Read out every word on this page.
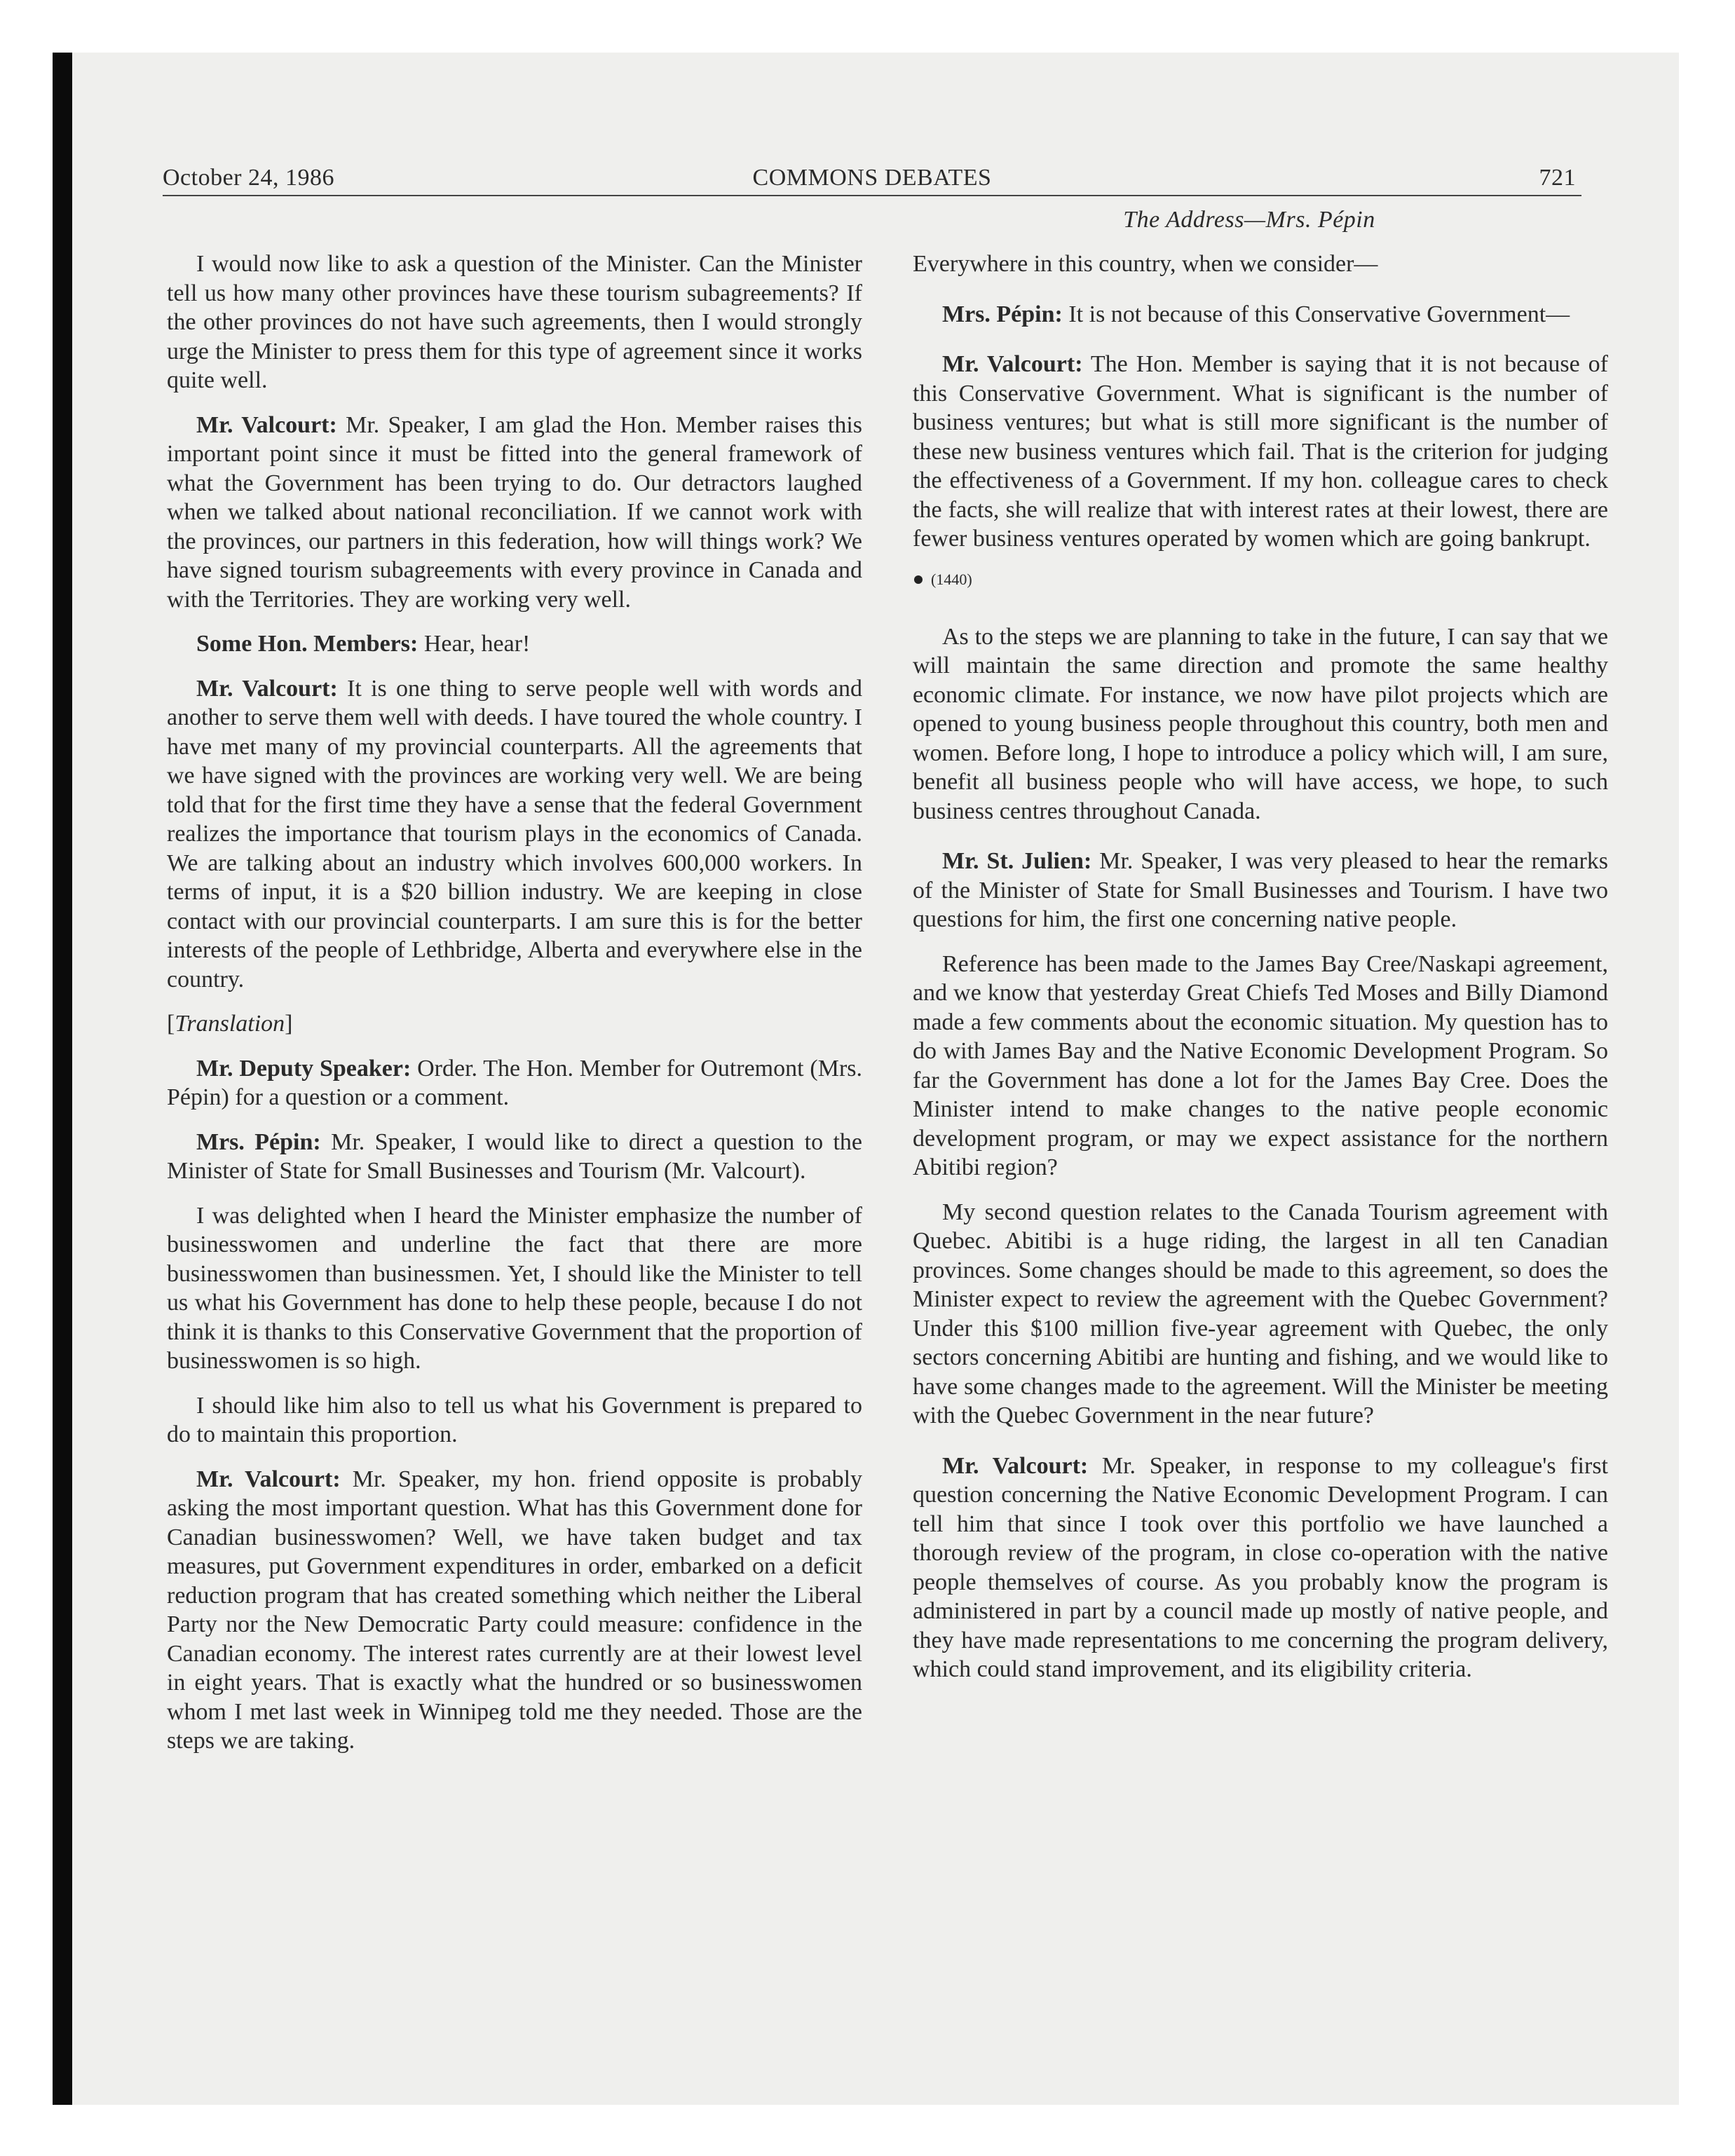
October 24, 1986	COMMONS DEBATES	721
The Address—Mrs. Pépin

I would now like to ask a question of the Minister. Can the Minister tell us how many other provinces have these tourism subagreements? If the other provinces do not have such agreements, then I would strongly urge the Minister to press them for this type of agreement since it works quite well.

Mr. Valcourt: Mr. Speaker, I am glad the Hon. Member raises this important point since it must be fitted into the general framework of what the Government has been trying to do. Our detractors laughed when we talked about national reconciliation. If we cannot work with the provinces, our partners in this federation, how will things work? We have signed tourism subagreements with every province in Canada and with the Territories. They are working very well.

Some Hon. Members: Hear, hear!

Mr. Valcourt: It is one thing to serve people well with words and another to serve them well with deeds. I have toured the whole country. I have met many of my provincial counterparts. All the agreements that we have signed with the provinces are working very well. We are being told that for the first time they have a sense that the federal Government realizes the importance that tourism plays in the economics of Canada. We are talking about an industry which involves 600,000 workers. In terms of input, it is a $20 billion industry. We are keeping in close contact with our provincial counterparts. I am sure this is for the better interests of the people of Lethbridge, Alberta and everywhere else in the country.

[Translation]

Mr. Deputy Speaker: Order. The Hon. Member for Outremont (Mrs. Pépin) for a question or a comment.

Mrs. Pépin: Mr. Speaker, I would like to direct a question to the Minister of State for Small Businesses and Tourism (Mr. Valcourt).

I was delighted when I heard the Minister emphasize the number of businesswomen and underline the fact that there are more businesswomen than businessmen. Yet, I should like the Minister to tell us what his Government has done to help these people, because I do not think it is thanks to this Conservative Government that the proportion of businesswomen is so high.

I should like him also to tell us what his Government is prepared to do to maintain this proportion.

Mr. Valcourt: Mr. Speaker, my hon. friend opposite is probably asking the most important question. What has this Government done for Canadian businesswomen? Well, we have taken budget and tax measures, put Government expenditures in order, embarked on a deficit reduction program that has created something which neither the Liberal Party nor the New Democratic Party could measure: confidence in the Canadian economy. The interest rates currently are at their lowest level in eight years. That is exactly what the hundred or so businesswomen whom I met last week in Winnipeg told me they needed. Those are the steps we are taking.

Everywhere in this country, when we consider—

Mrs. Pépin: It is not because of this Conservative Government—

Mr. Valcourt: The Hon. Member is saying that it is not because of this Conservative Government. What is significant is the number of business ventures; but what is still more significant is the number of these new business ventures which fail. That is the criterion for judging the effectiveness of a Government. If my hon. colleague cares to check the facts, she will realize that with interest rates at their lowest, there are fewer business ventures operated by women which are going bankrupt.

(1440)

As to the steps we are planning to take in the future, I can say that we will maintain the same direction and promote the same healthy economic climate. For instance, we now have pilot projects which are opened to young business people throughout this country, both men and women. Before long, I hope to introduce a policy which will, I am sure, benefit all business people who will have access, we hope, to such business centres throughout Canada.

Mr. St. Julien: Mr. Speaker, I was very pleased to hear the remarks of the Minister of State for Small Businesses and Tourism. I have two questions for him, the first one concerning native people.

Reference has been made to the James Bay Cree/Naskapi agreement, and we know that yesterday Great Chiefs Ted Moses and Billy Diamond made a few comments about the economic situation. My question has to do with James Bay and the Native Economic Development Program. So far the Government has done a lot for the James Bay Cree. Does the Minister intend to make changes to the native people economic development program, or may we expect assistance for the northern Abitibi region?

My second question relates to the Canada Tourism agreement with Quebec. Abitibi is a huge riding, the largest in all ten Canadian provinces. Some changes should be made to this agreement, so does the Minister expect to review the agreement with the Quebec Government? Under this $100 million five-year agreement with Quebec, the only sectors concerning Abitibi are hunting and fishing, and we would like to have some changes made to the agreement. Will the Minister be meeting with the Quebec Government in the near future?

Mr. Valcourt: Mr. Speaker, in response to my colleague's first question concerning the Native Economic Development Program. I can tell him that since I took over this portfolio we have launched a thorough review of the program, in close co-operation with the native people themselves of course. As you probably know the program is administered in part by a council made up mostly of native people, and they have made representations to me concerning the program delivery, which could stand improvement, and its eligibility criteria.
